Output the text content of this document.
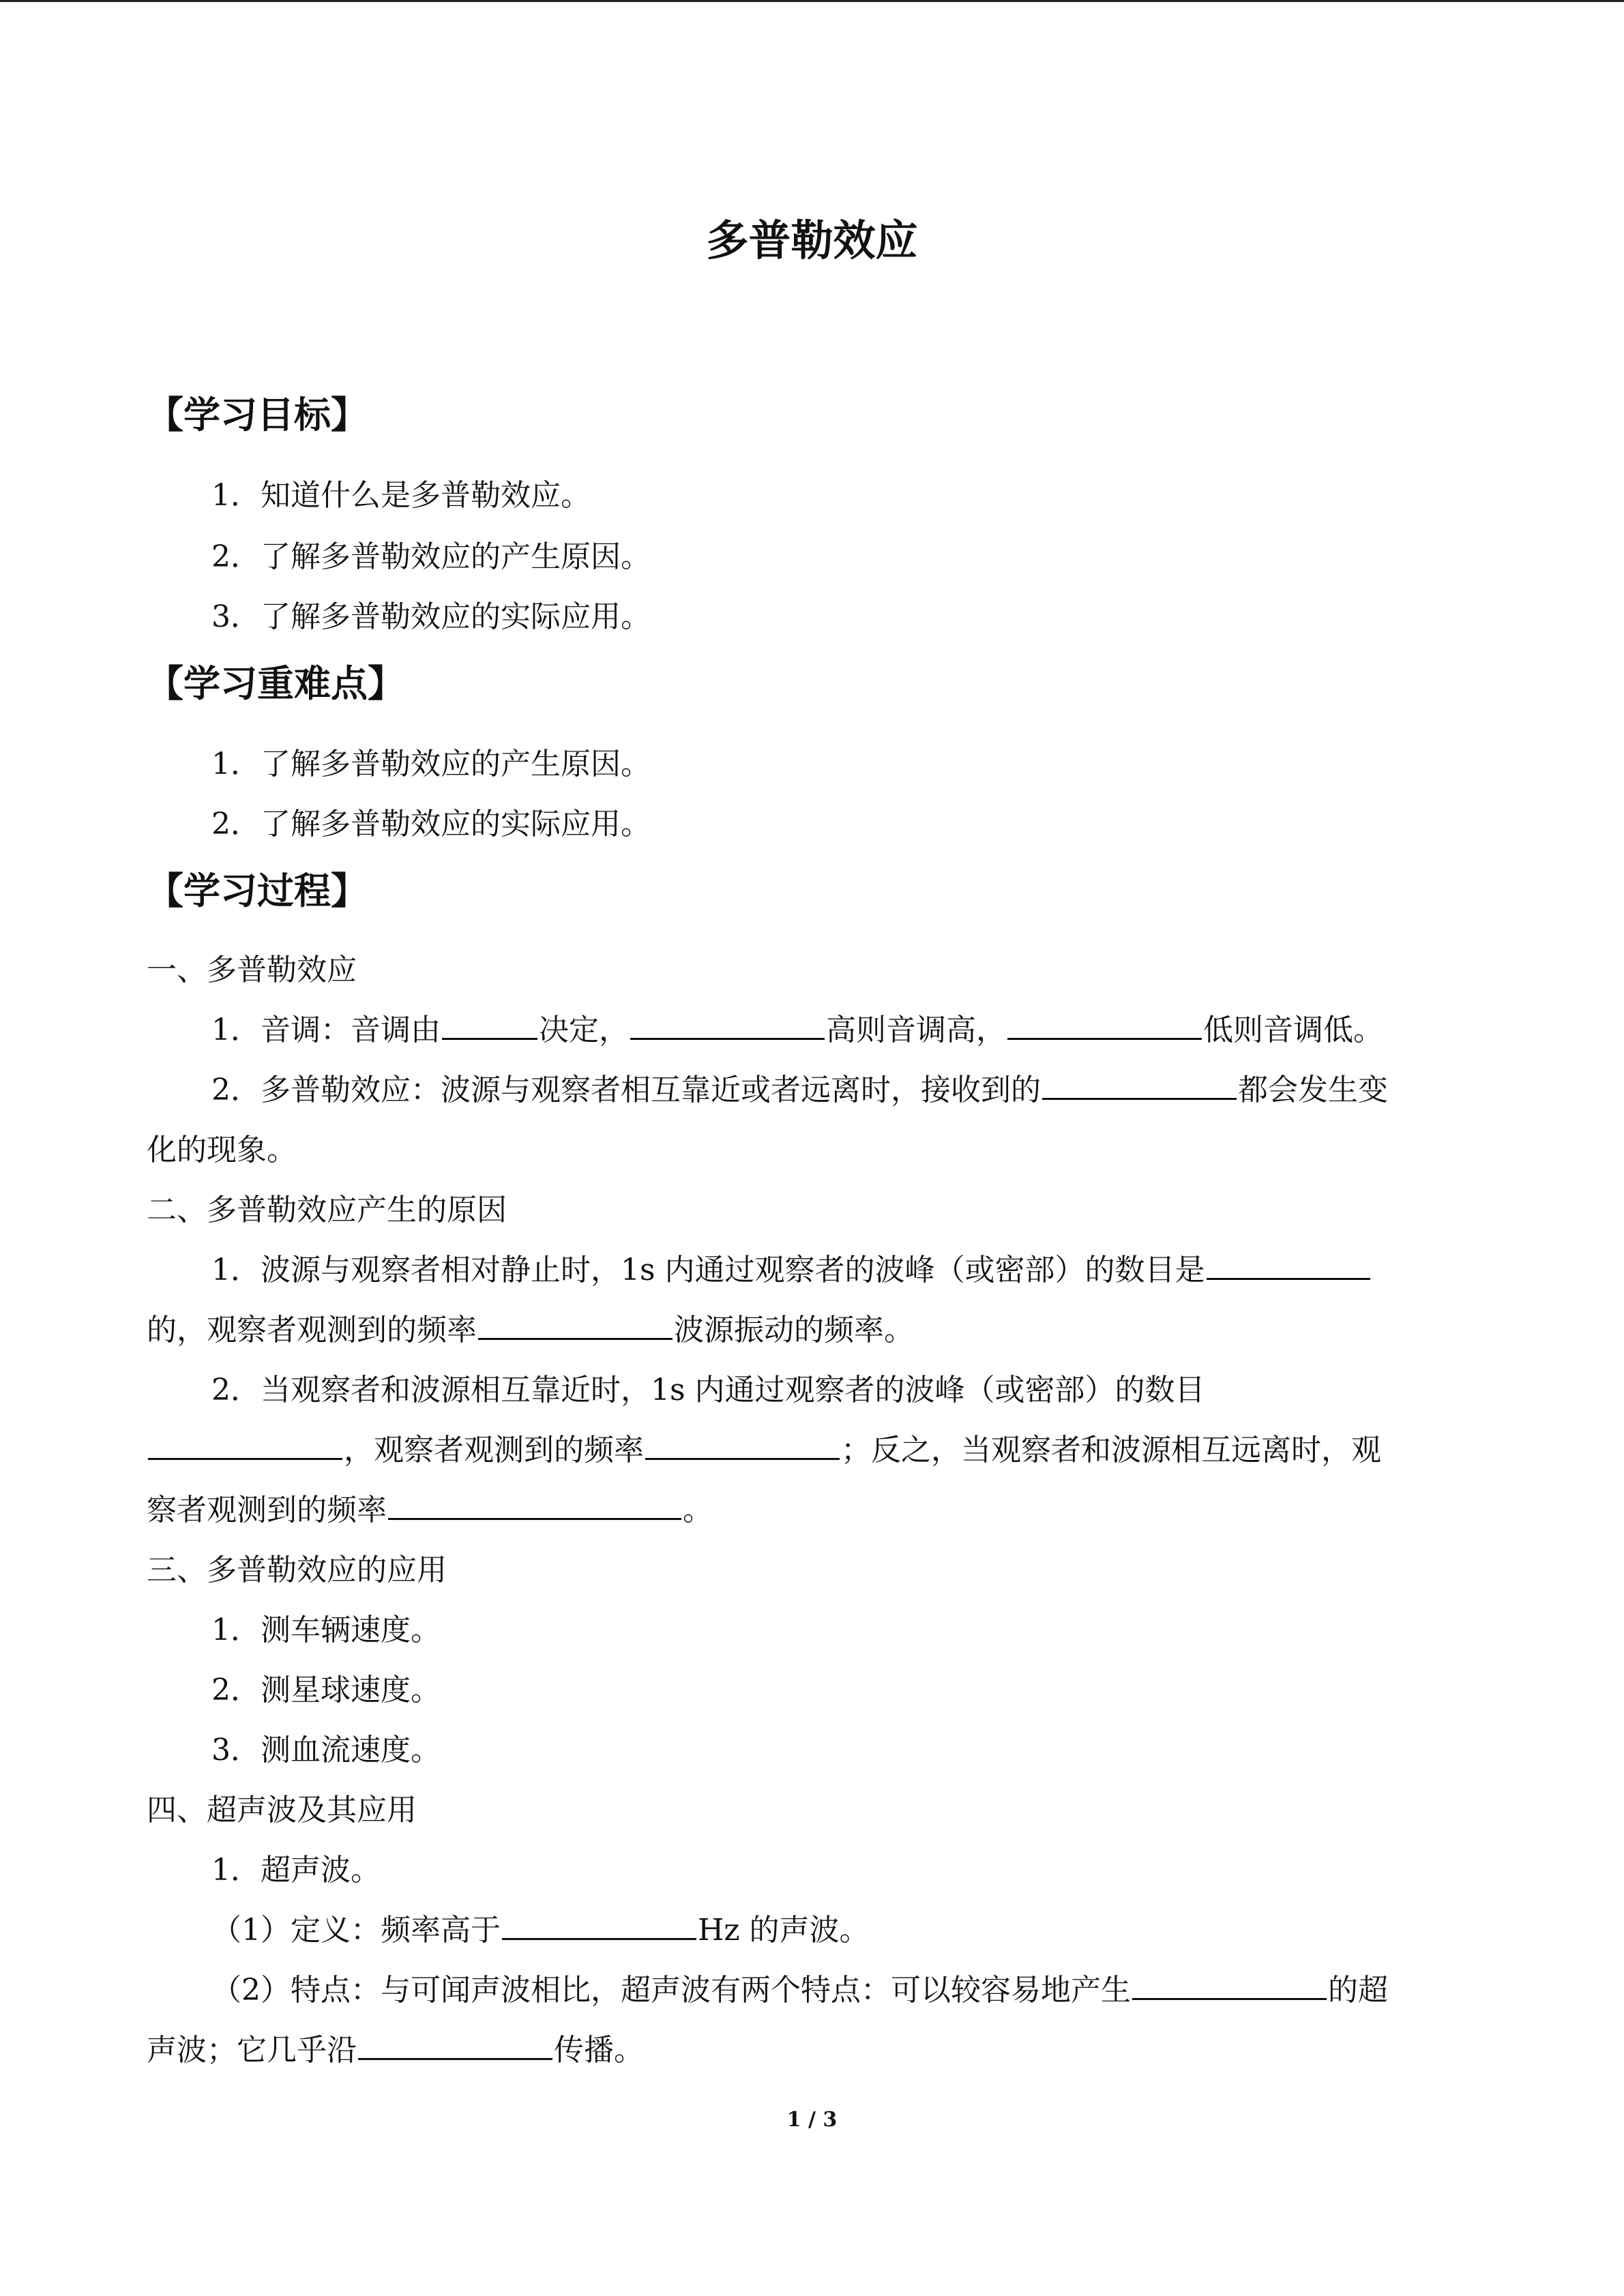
多普勒效应
【学习目标】
1．知道什么是多普勒效应。
2．了解多普勒效应的产生原因。
3．了解多普勒效应的实际应用。
【学习重难点】
1．了解多普勒效应的产生原因。
2．了解多普勒效应的实际应用。
【学习过程】
一、多普勒效应
1．音调：音调由	决定，	高则音调高，	低则音调低。
2．多普勒效应：波源与观察者相互靠近或者远离时，接收到的	都会发生变
化的现象。
二、多普勒效应产生的原因
1．波源与观察者相对静止时，1s 内通过观察者的波峰（或密部）的数目是
的，观察者观测到的频率	波源振动的频率。
2．当观察者和波源相互靠近时，1s 内通过观察者的波峰（或密部）的数目
，观察者观测到的频率	；反之，当观察者和波源相互远离时，观
察者观测到的频率	。
三、多普勒效应的应用
1．测车辆速度。
2．测星球速度。
3．测血流速度。
四、超声波及其应用
1．超声波。
（1）定义：频率高于	Hz 的声波。
（2）特点：与可闻声波相比，超声波有两个特点：可以较容易地产生	的超
声波；它几乎沿	传播。
1 / 3
